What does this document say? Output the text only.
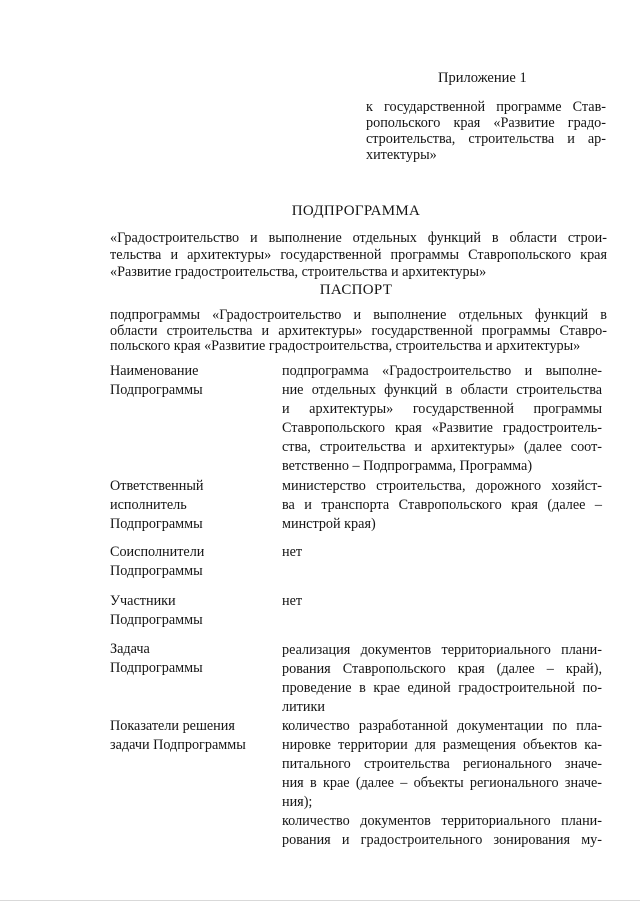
Приложение 1
к государственной программе Став-
ропольского края «Развитие градо-
строительства, строительства и ар-
хитектуры»
ПОДПРОГРАММА
«Градостроительство и выполнение отдельных функций в области строи-
тельства и архитектуры» государственной программы Ставропольского края
«Развитие градостроительства, строительства и архитектуры»
ПАСПОРТ
подпрограммы «Градостроительство и выполнение отдельных функций в
области строительства и архитектуры» государственной программы Ставро-
польского края «Развитие градостроительства, строительства и архитектуры»
Наименование
Подпрограммы
подпрограмма «Градостроительство и выполне-
ние отдельных функций в области строительства
и архитектуры» государственной программы
Ставропольского края «Развитие градостроитель-
ства, строительства и архитектуры» (далее соот-
ветственно – Подпрограмма, Программа)
Ответственный
исполнитель
Подпрограммы
министерство строительства, дорожного хозяйст-
ва и транспорта Ставропольского края (далее –
минстрой края)
Соисполнители
Подпрограммы
нет
Участники
Подпрограммы
нет
Задача
Подпрограммы
реализация документов территориального плани-
рования Ставропольского края (далее – край),
проведение в крае единой градостроительной по-
литики
Показатели решения
задачи Подпрограммы
количество разработанной документации по пла-
нировке территории для размещения объектов ка-
питального строительства регионального значе-
ния в крае (далее – объекты регионального значе-
ния);
количество документов территориального плани-
рования и градостроительного зонирования му-
